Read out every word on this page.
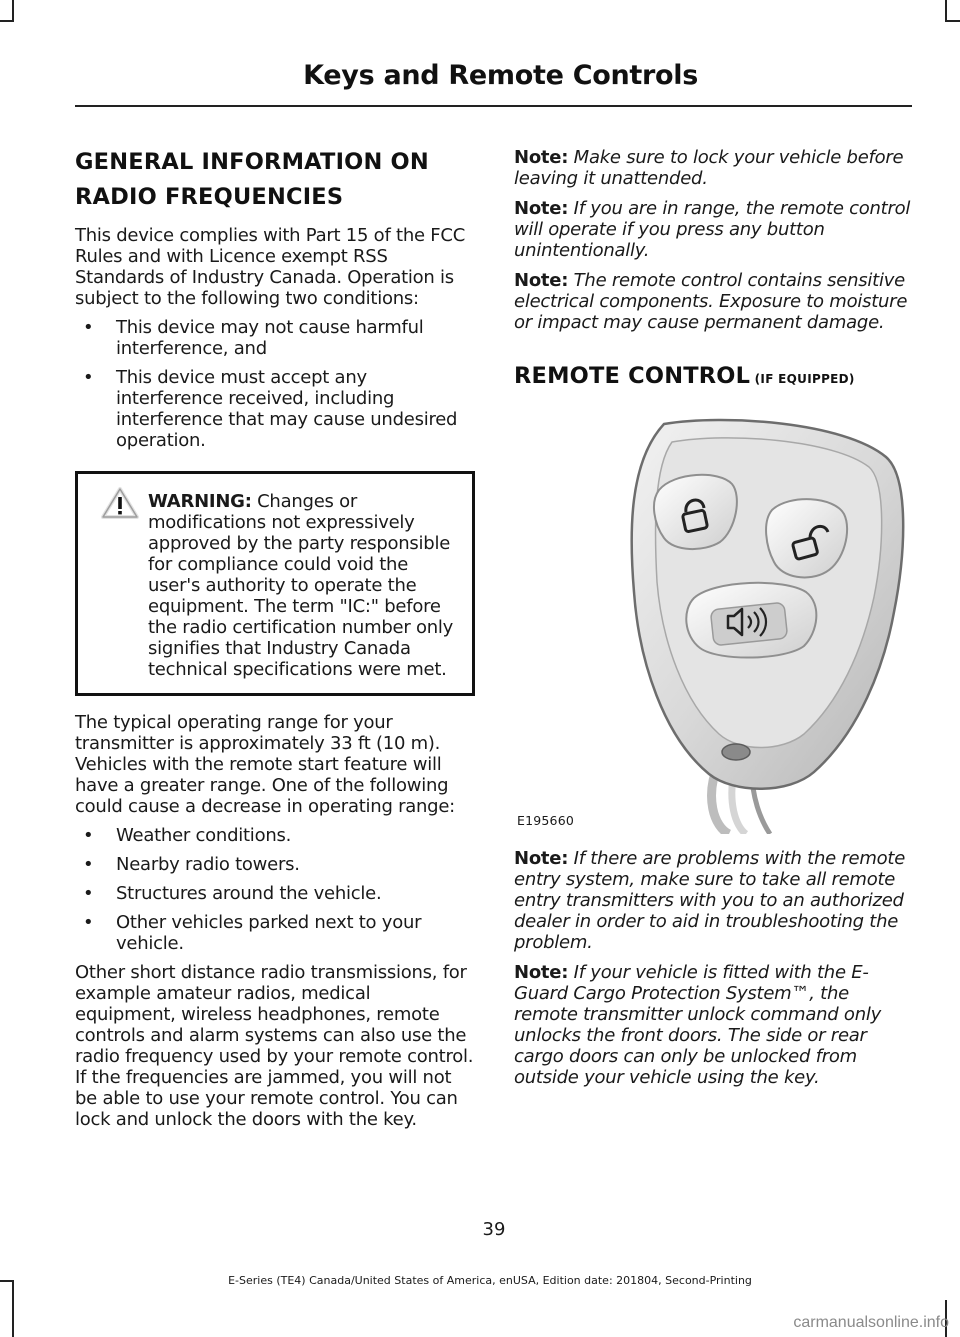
Keys and Remote Controls
GENERAL INFORMATION ON
RADIO FREQUENCIES

This device complies with Part 15 of the FCC Rules and with Licence exempt RSS Standards of Industry Canada. Operation is subject to the following two conditions:

• This device may not cause harmful interference, and
• This device must accept any interference received, including interference that may cause undesired operation.
WARNING: Changes or modifications not expressively approved by the party responsible for compliance could void the user's authority to operate the equipment. The term "IC:" before the radio certification number only signifies that Industry Canada technical specifications were met.

The typical operating range for your transmitter is approximately 33 ft (10 m). Vehicles with the remote start feature will have a greater range. One of the following could cause a decrease in operating range:

• Weather conditions.
• Nearby radio towers.
• Structures around the vehicle.
• Other vehicles parked next to your vehicle.

Other short distance radio transmissions, for example amateur radios, medical equipment, wireless headphones, remote controls and alarm systems can also use the radio frequency used by your remote control. If the frequencies are jammed, you will not be able to use your remote control. You can lock and unlock the doors with the key.

Note: Make sure to lock your vehicle before leaving it unattended.

Note: If you are in range, the remote control will operate if you press any button unintentionally.

Note: The remote control contains sensitive electrical components. Exposure to moisture or impact may cause permanent damage.

REMOTE CONTROL (IF EQUIPPED)
E195660

Note: If there are problems with the remote entry system, make sure to take all remote entry transmitters with you to an authorized dealer in order to aid in troubleshooting the problem.

Note: If your vehicle is fitted with the E-Guard Cargo Protection System™, the remote transmitter unlock command only unlocks the front doors. The side or rear cargo doors can only be unlocked from outside your vehicle using the key.

39
E-Series (TE4) Canada/United States of America, enUSA, Edition date: 201804, Second-Printing
carmanualsonline.info
